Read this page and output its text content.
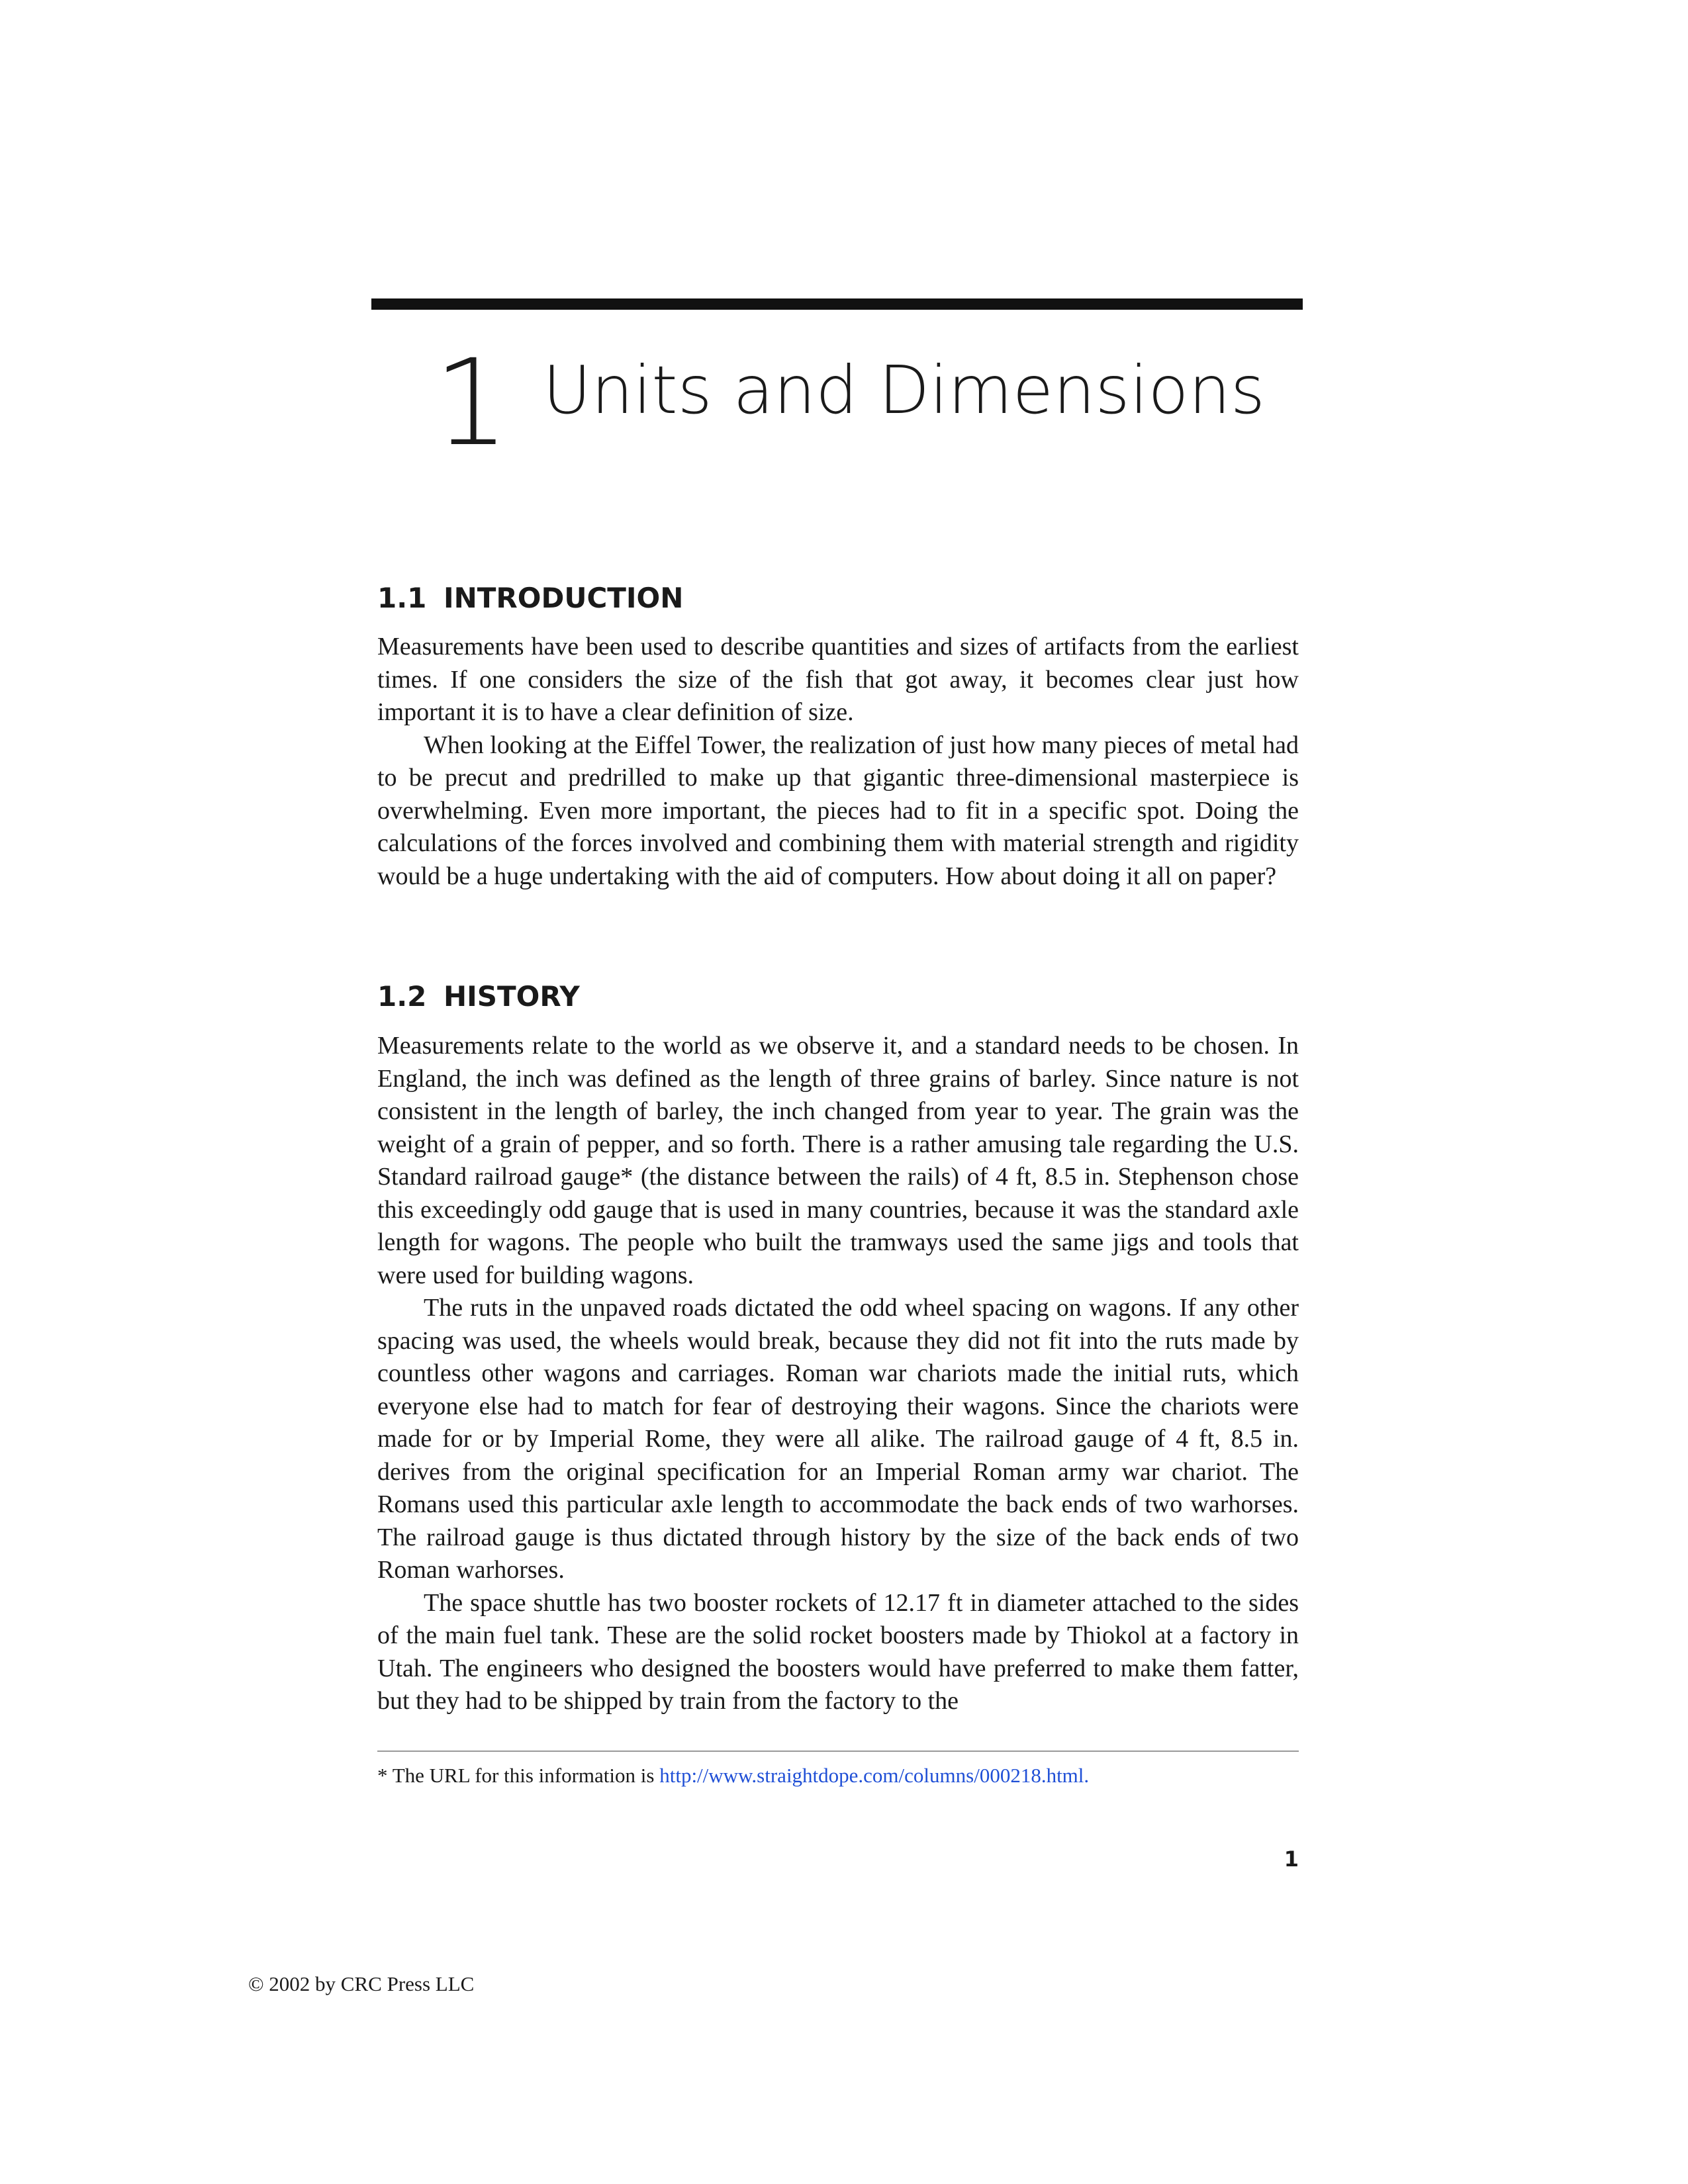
1 Units and Dimensions
1.1 INTRODUCTION

Measurements have been used to describe quantities and sizes of artifacts from the earliest times. If one considers the size of the fish that got away, it becomes clear just how important it is to have a clear definition of size.

When looking at the Eiffel Tower, the realization of just how many pieces of metal had to be precut and predrilled to make up that gigantic three-dimensional masterpiece is overwhelming. Even more important, the pieces had to fit in a specific spot. Doing the calculations of the forces involved and combining them with material strength and rigidity would be a huge undertaking with the aid of computers. How about doing it all on paper?

1.2 HISTORY

Measurements relate to the world as we observe it, and a standard needs to be chosen. In England, the inch was defined as the length of three grains of barley. Since nature is not consistent in the length of barley, the inch changed from year to year. The grain was the weight of a grain of pepper, and so forth. There is a rather amusing tale regarding the U.S. Standard railroad gauge* (the distance between the rails) of 4 ft, 8.5 in. Stephenson chose this exceedingly odd gauge that is used in many countries, because it was the standard axle length for wagons. The people who built the tramways used the same jigs and tools that were used for building wagons.

The ruts in the unpaved roads dictated the odd wheel spacing on wagons. If any other spacing was used, the wheels would break, because they did not fit into the ruts made by countless other wagons and carriages. Roman war chariots made the initial ruts, which everyone else had to match for fear of destroying their wagons. Since the chariots were made for or by Imperial Rome, they were all alike. The railroad gauge of 4 ft, 8.5 in. derives from the original specification for an Imperial Roman army war chariot. The Romans used this particular axle length to accommodate the back ends of two warhorses. The railroad gauge is thus dictated through history by the size of the back ends of two Roman warhorses.

The space shuttle has two booster rockets of 12.17 ft in diameter attached to the sides of the main fuel tank. These are the solid rocket boosters made by Thiokol at a factory in Utah. The engineers who designed the boosters would have preferred to make them fatter, but they had to be shipped by train from the factory to the

* The URL for this information is http://www.straightdope.com/columns/000218.html.
1
© 2002 by CRC Press LLC
